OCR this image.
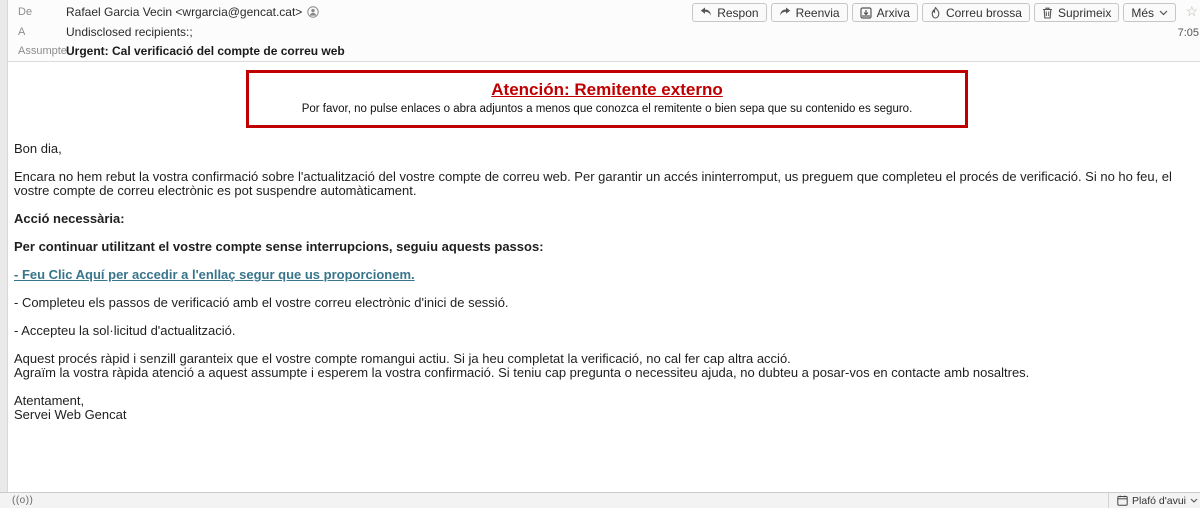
De	Rafael Garcia Vecin <wrgarcia@gencat.cat>
A	Undisclosed recipients:;
Assumpte Urgent: Cal verificació del compte de correu web
Respon	Reenvia	Arxiva	Correu brossa	Suprimeix Més ☆
7:05
Atención: Remitente externo
Por favor, no pulse enlaces o abra adjuntos a menos que conozca el remitente o bien sepa que su contenido es seguro.

Bon dia,

Encara no hem rebut la vostra confirmació sobre l'actualització del vostre compte de correu web. Per garantir un accés ininterromput, us preguem que completeu el procés de verificació. Si no ho feu, el vostre compte de correu electrònic es pot suspendre automàticament.

Acció necessària:

Per continuar utilitzant el vostre compte sense interrupcions, seguiu aquests passos:

- Feu Clic Aquí per accedir a l'enllaç segur que us proporcionem.

- Completeu els passos de verificació amb el vostre correu electrònic d'inici de sessió.

- Accepteu la sol·licitud d'actualització.

Aquest procés ràpid i senzill garanteix que el vostre compte romangui actiu. Si ja heu completat la verificació, no cal fer cap altra acció.
Agraïm la vostra ràpida atenció a aquest assumpte i esperem la vostra confirmació. Si teniu cap pregunta o necessiteu ajuda, no dubteu a posar-vos en contacte amb nosaltres.

Atentament,
Servei Web Gencat

((o))	Plafó d'avui
